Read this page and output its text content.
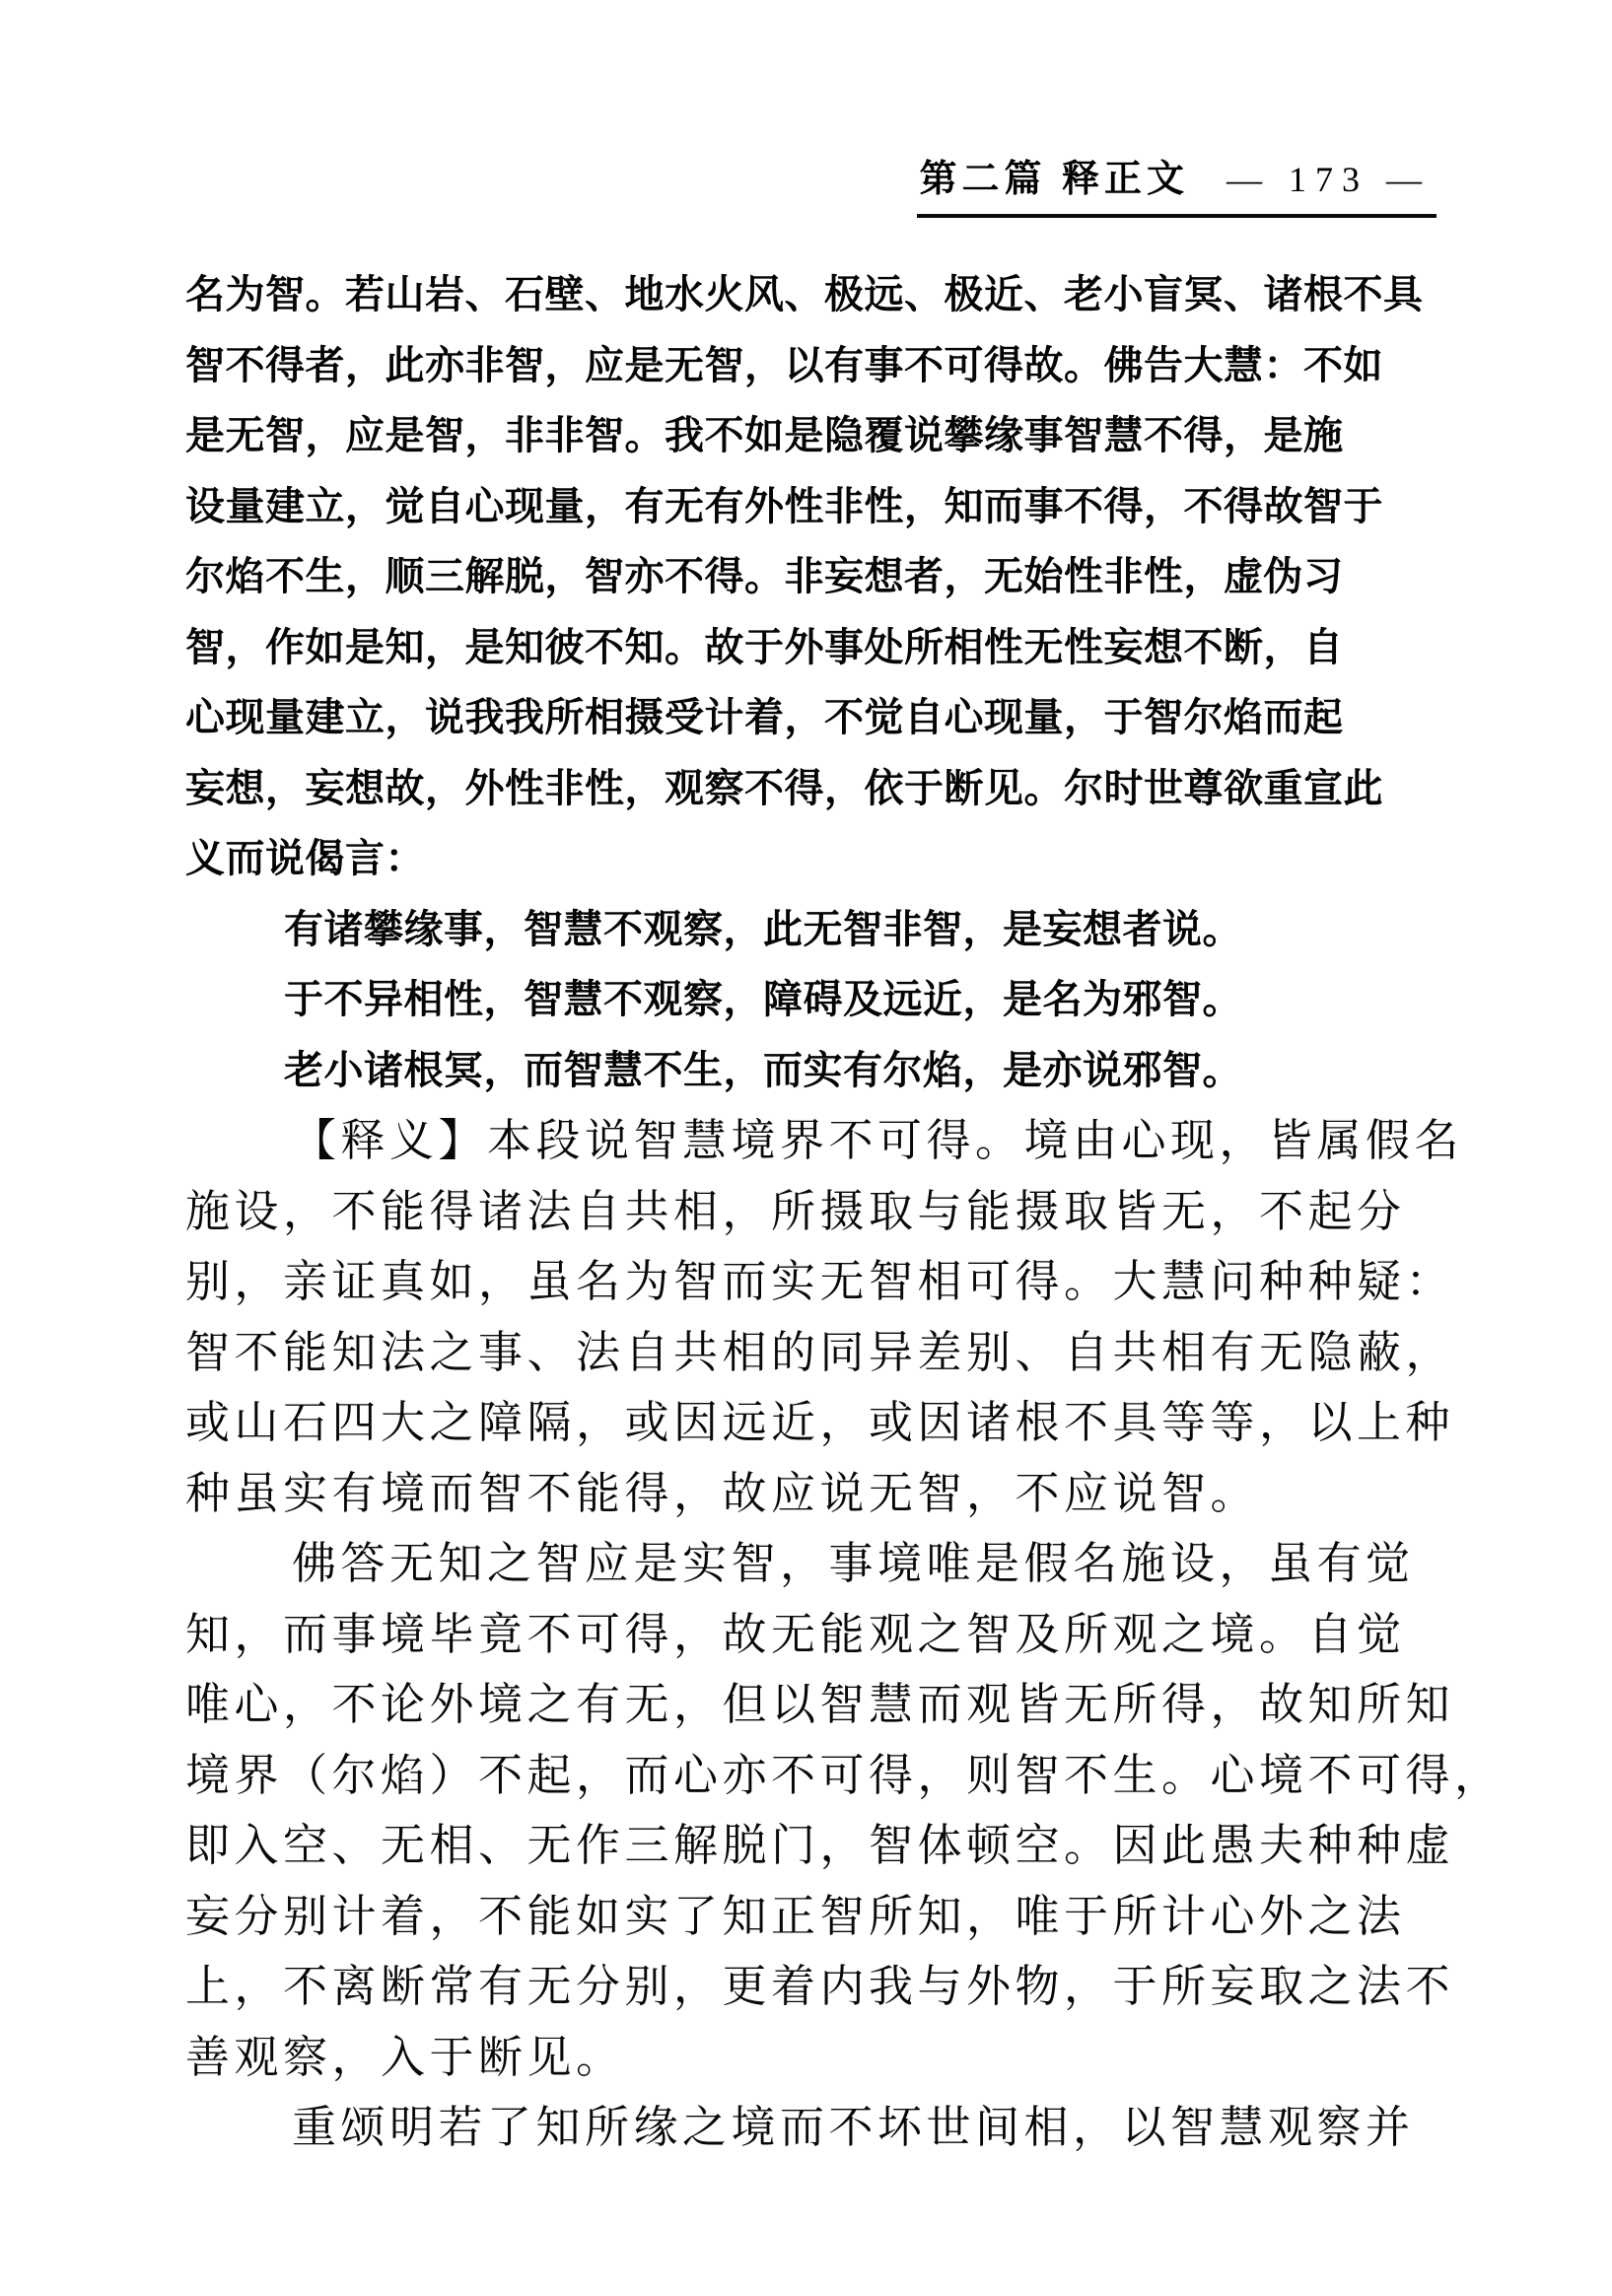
第二篇 释正文 — 173 —
名为智。若山岩、石壁、地水火风、极远、极近、老小盲冥、诸根不具
智不得者，此亦非智，应是无智，以有事不可得故。佛告大慧：不如
是无智，应是智，非非智。我不如是隐覆说攀缘事智慧不得，是施
设量建立，觉自心现量，有无有外性非性，知而事不得，不得故智于
尔焰不生，顺三解脱，智亦不得。非妄想者，无始性非性，虚伪习
智，作如是知，是知彼不知。故于外事处所相性无性妄想不断，自
心现量建立，说我我所相摄受计着，不觉自心现量，于智尔焰而起
妄想，妄想故，外性非性，观察不得，依于断见。尔时世尊欲重宣此
义而说偈言：
有诸攀缘事，智慧不观察，此无智非智，是妄想者说。
于不异相性，智慧不观察，障碍及远近，是名为邪智。
老小诸根冥，而智慧不生，而实有尔焰，是亦说邪智。
【释义】本段说智慧境界不可得。境由心现，皆属假名
施设，不能得诸法自共相，所摄取与能摄取皆无，不起分
别，亲证真如，虽名为智而实无智相可得。大慧问种种疑：
智不能知法之事、法自共相的同异差别、自共相有无隐蔽，
或山石四大之障隔，或因远近，或因诸根不具等等，以上种
种虽实有境而智不能得，故应说无智，不应说智。
佛答无知之智应是实智，事境唯是假名施设，虽有觉
知，而事境毕竟不可得，故无能观之智及所观之境。自觉
唯心，不论外境之有无，但以智慧而观皆无所得，故知所知
境界（尔焰）不起，而心亦不可得，则智不生。心境不可得，
即入空、无相、无作三解脱门，智体顿空。因此愚夫种种虚
妄分别计着，不能如实了知正智所知，唯于所计心外之法
上，不离断常有无分别，更着内我与外物，于所妄取之法不
善观察，入于断见。
重颂明若了知所缘之境而不坏世间相，以智慧观察并
